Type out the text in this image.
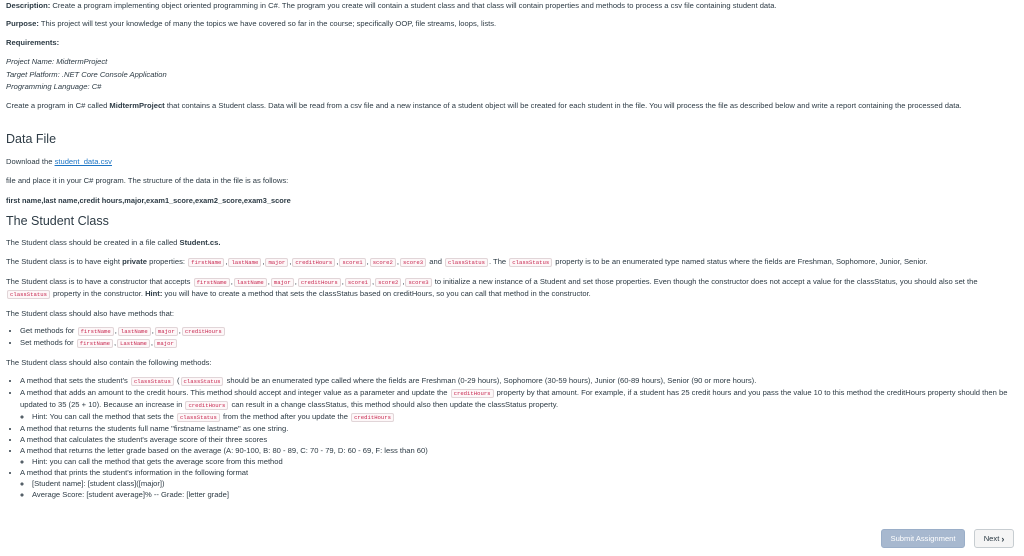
Description: Create a program implementing object oriented programming in C#. The program you create will contain a student class and that class will contain properties and methods to process a csv file containing student data.

Purpose: This project will test your knowledge of many the topics we have covered so far in the course; specifically OOP, file streams, loops, lists.

Requirements:

Project Name: MidtermProject

Target Platform: .NET Core Console Application

Programming Language: C#

Create a program in C# called MidtermProject that contains a Student class. Data will be read from a csv file and a new instance of a student object will be created for each student in the file. You will process the file as described below and write a report containing the processed data.

Data File

Download the student_data.csv

file and place it in your C# program. The structure of the data in the file is as follows:

first name,last name,credit hours,major,exam1_score,exam2_score,exam3_score

The Student Class

The Student class should be created in a file called Student.cs.

The Student class is to have eight private properties: firstName , lastName , major , creditHours , score1 , score2 , score3 and classStatus . The classStatus property is to be an enumerated type named status where the fields are Freshman, Sophomore, Junior, Senior.

The Student class is to have a constructor that accepts firstName , lastName , major , creditHours , score1 , score2 , score3 to initialize a new instance of a Student and set those properties. Even though the constructor does not accept a value for the classStatus, you should also set the classStatus property in the constructor. Hint: you will have to create a method that sets the classStatus based on creditHours, so you can call that method in the constructor.

The Student class should also have methods that:

• Get methods for firstName , lastName , major , creditHours
• Set methods for firstName , LastName , major

The Student class should also contain the following methods:

• A method that sets the student's classStatus ( classStatus should be an enumerated type called where the fields are Freshman (0-29 hours), Sophomore (30-59 hours), Junior (60-89 hours), Senior (90 or more hours).
• A method that adds an amount to the credit hours. This method should accept and integer value as a parameter and update the creditHours property by that amount. For example, if a student has 25 credit hours and you pass the value 10 to this method the creditHours property should then be updated to 35 (25 + 10). Because an increase in creditHours can result in a change classStatus, this method should also then update the classStatus property.
◦ Hint: You can call the method that sets the classStatus from the method after you update the creditHours
• A method that returns the students full name "firstname lastname" as one string.
• A method that calculates the student's average score of their three scores
• A method that returns the letter grade based on the average (A: 90-100, B: 80 - 89, C: 70 - 79, D: 60 - 69, F: less than 60)
◦ Hint: you can call the method that gets the average score from this method
• A method that prints the student's information in the following format
◦ [Student name]: [student class]([major])
◦ Average Score: [student average]% -- Grade: [letter grade]
Submit Assignment	Next ›
